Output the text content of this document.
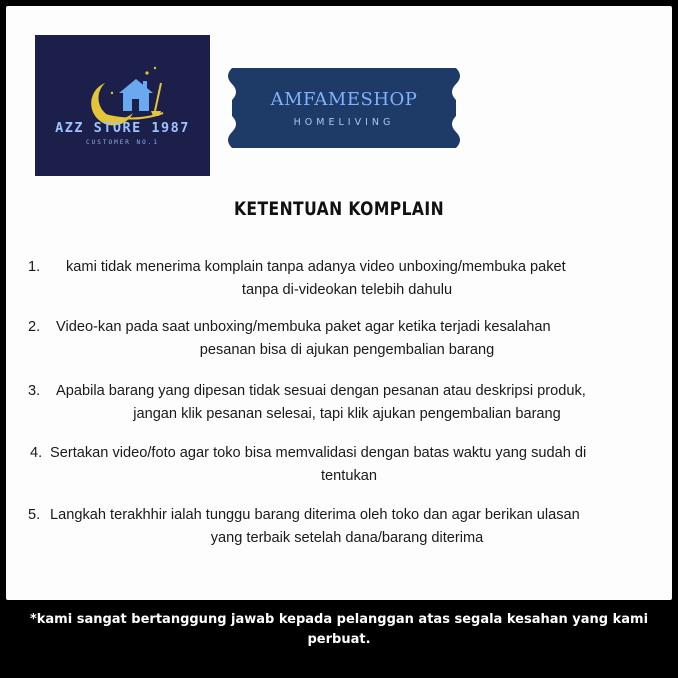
AZZ STORE 1987
CUSTOMER NO.1
AMFAMESHOP
HOMELIVING
KETENTUAN KOMPLAIN
1.	kami tidak menerima komplain tanpa adanya video unboxing/membuka paket
tanpa di-videokan telebih dahulu
2.	Video-kan pada saat unboxing/membuka paket agar ketika terjadi kesalahan
pesanan bisa di ajukan pengembalian barang
3.	Apabila barang yang dipesan tidak sesuai dengan pesanan atau deskripsi produk,
jangan klik pesanan selesai, tapi klik ajukan pengembalian barang
4. Sertakan video/foto agar toko bisa memvalidasi dengan batas waktu yang sudah di
tentukan
5. Langkah terakhhir ialah tunggu barang diterima oleh toko dan agar berikan ulasan
yang terbaik setelah dana/barang diterima
*kami sangat bertanggung jawab kepada pelanggan atas segala kesahan yang kami
perbuat.
